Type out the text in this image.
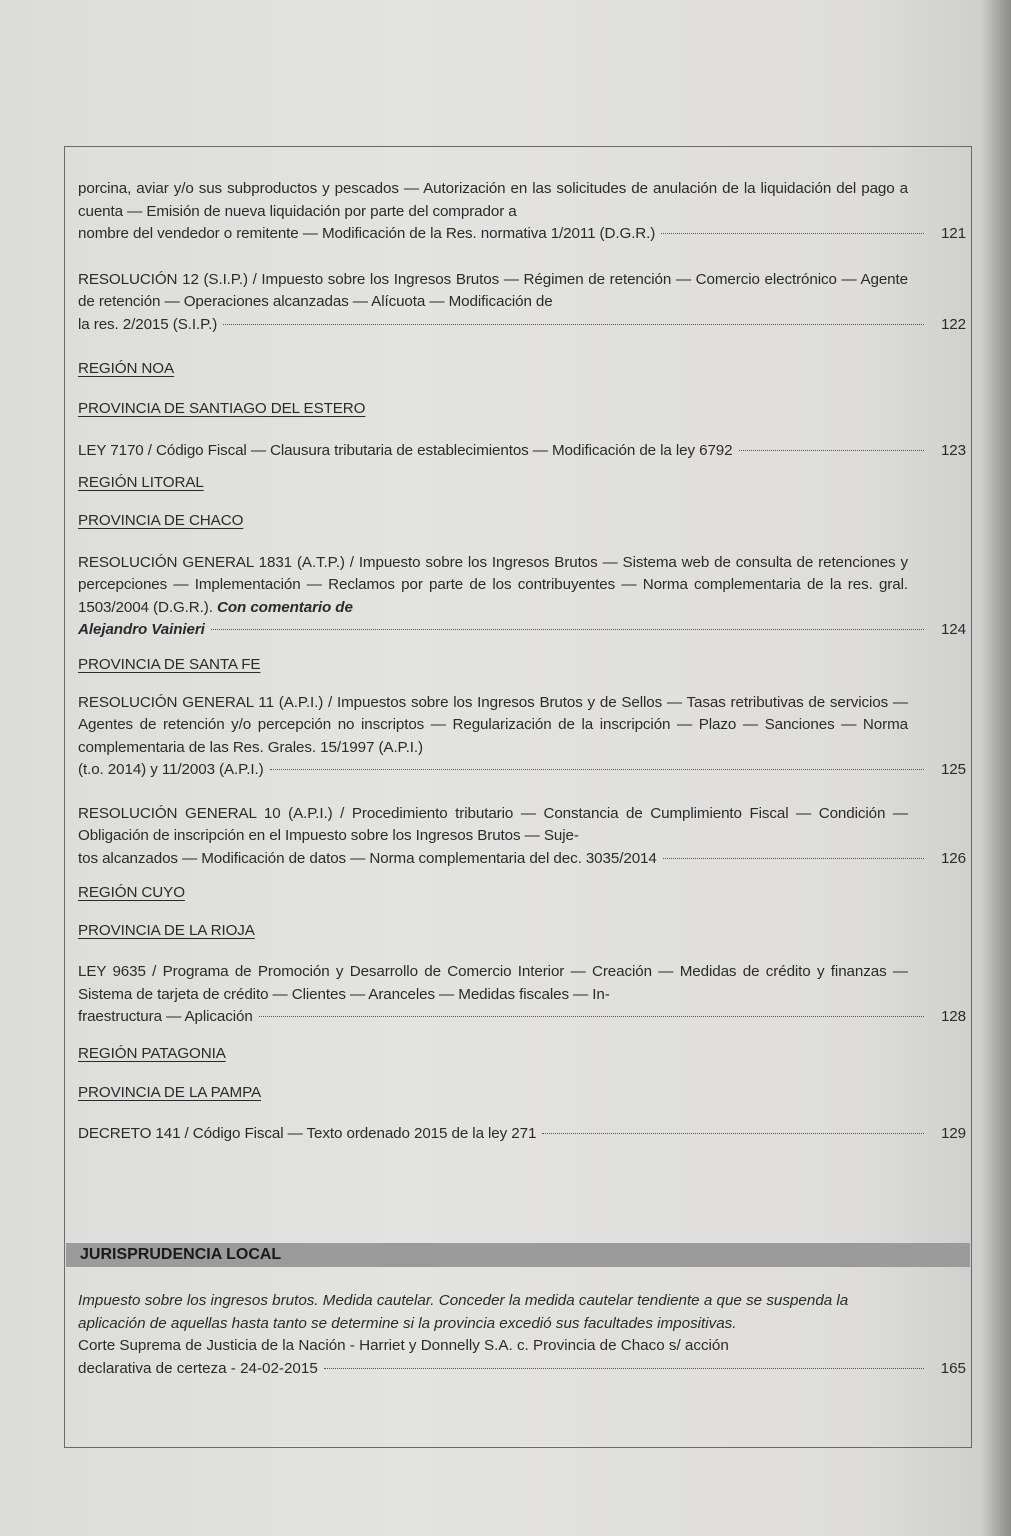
porcina, aviar y/o sus subproductos y pescados — Autorización en las solicitudes de anulación de la liquidación del pago a cuenta — Emisión de nueva liquidación por parte del comprador a
nombre del vendedor o remitente — Modificación de la Res. normativa 1/2011 (D.G.R.)	121
RESOLUCIÓN 12 (S.I.P.) / Impuesto sobre los Ingresos Brutos — Régimen de retención — Comercio electrónico — Agente de retención — Operaciones alcanzadas — Alícuota — Modificación de
la res. 2/2015 (S.I.P.)	122
REGIÓN NOA
PROVINCIA DE SANTIAGO DEL ESTERO
LEY 7170 / Código Fiscal — Clausura tributaria de establecimientos — Modificación de la ley 6792	123
REGIÓN LITORAL
PROVINCIA DE CHACO
RESOLUCIÓN GENERAL 1831 (A.T.P.) / Impuesto sobre los Ingresos Brutos — Sistema web de consulta de retenciones y percepciones — Implementación — Reclamos por parte de los contribuyentes — Norma complementaria de la res. gral. 1503/2004 (D.G.R.). Con comentario de
Alejandro Vainieri	124
PROVINCIA DE SANTA FE
RESOLUCIÓN GENERAL 11 (A.P.I.) / Impuestos sobre los Ingresos Brutos y de Sellos — Tasas retributivas de servicios — Agentes de retención y/o percepción no inscriptos — Regularización de la inscripción — Plazo — Sanciones — Norma complementaria de las Res. Grales. 15/1997 (A.P.I.)
(t.o. 2014) y 11/2003 (A.P.I.)	125
RESOLUCIÓN GENERAL 10 (A.P.I.) / Procedimiento tributario — Constancia de Cumplimiento Fiscal — Condición — Obligación de inscripción en el Impuesto sobre los Ingresos Brutos — Suje-
tos alcanzados — Modificación de datos — Norma complementaria del dec. 3035/2014	126
REGIÓN CUYO
PROVINCIA DE LA RIOJA
LEY 9635 / Programa de Promoción y Desarrollo de Comercio Interior — Creación — Medidas de crédito y finanzas — Sistema de tarjeta de crédito — Clientes — Aranceles — Medidas fiscales — In-
fraestructura — Aplicación	128
REGIÓN PATAGONIA
PROVINCIA DE LA PAMPA
DECRETO 141 / Código Fiscal — Texto ordenado 2015 de la ley 271	129
JURISPRUDENCIA LOCAL
Impuesto sobre los ingresos brutos. Medida cautelar. Conceder la medida cautelar tendiente a que se suspenda la aplicación de aquellas hasta tanto se determine si la provincia excedió sus facultades impositivas.
Corte Suprema de Justicia de la Nación - Harriet y Donnelly S.A. c. Provincia de Chaco s/ acción
declarativa de certeza - 24-02-2015	165
